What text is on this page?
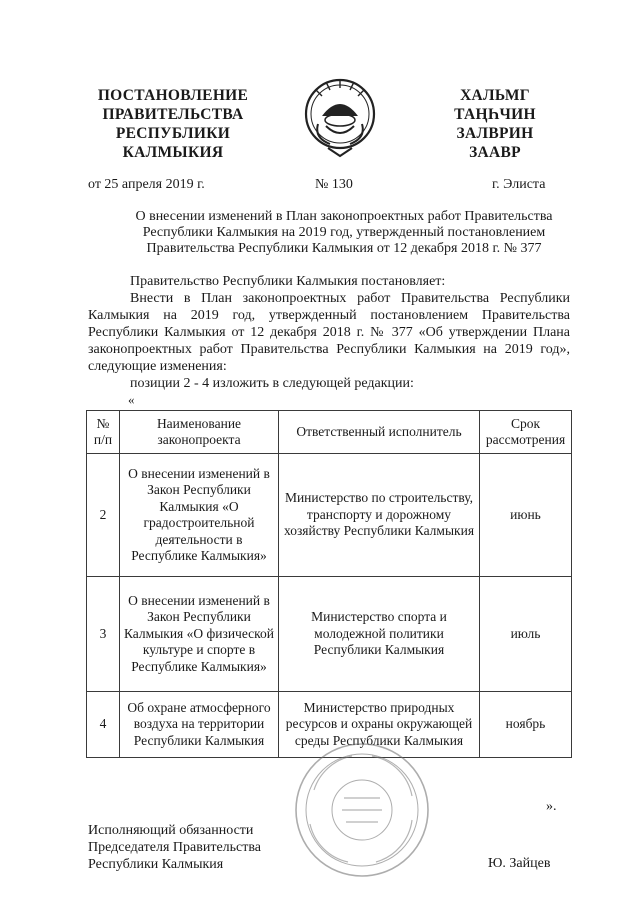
ПОСТАНОВЛЕНИЕ
ПРАВИТЕЛЬСТВА
РЕСПУБЛИКИ
КАЛМЫКИЯ
ХАЛЬМГ
ТАҢҺЧИН
ЗАЛВРИН
ЗААВР
от 25 апреля 2019 г.	№ 130	г. Элиста
О внесении изменений в План законопроектных работ Правительства
Республики Калмыкия на 2019 год, утвержденный постановлением
Правительства Республики Калмыкия от 12 декабря 2018 г. № 377
Правительство Республики Калмыкия постановляет:
Внести в План законопроектных работ Правительства Республики Калмыкия на 2019 год, утвержденный постановлением Правительства Республики Калмыкия от 12 декабря 2018 г. № 377 «Об утверждении Плана законопроектных работ Правительства Республики Калмыкия на 2019 год», следующие изменения:
позиции 2 - 4 изложить в следующей редакции:
«
№ п/п	Наименование законопроекта	Ответственный исполнитель	Срок рассмотрения
2	О внесении изменений в Закон Республики Калмыкия «О градостроительной деятельности в Республике Калмыкия»	Министерство по строительству, транспорту и дорожному хозяйству Республики Калмыкия	июнь
3	О внесении изменений в Закон Республики Калмыкия «О физической культуре и спорте в Республике Калмыкия»	Министерство спорта и молодежной политики Республики Калмыкия	июль
4	Об охране атмосферного воздуха на территории Республики Калмыкия	Министерство природных ресурсов и охраны окружающей среды Республики Калмыкия	ноябрь
».
Исполняющий обязанности
Председателя Правительства
Республики Калмыкия	Ю. Зайцев
